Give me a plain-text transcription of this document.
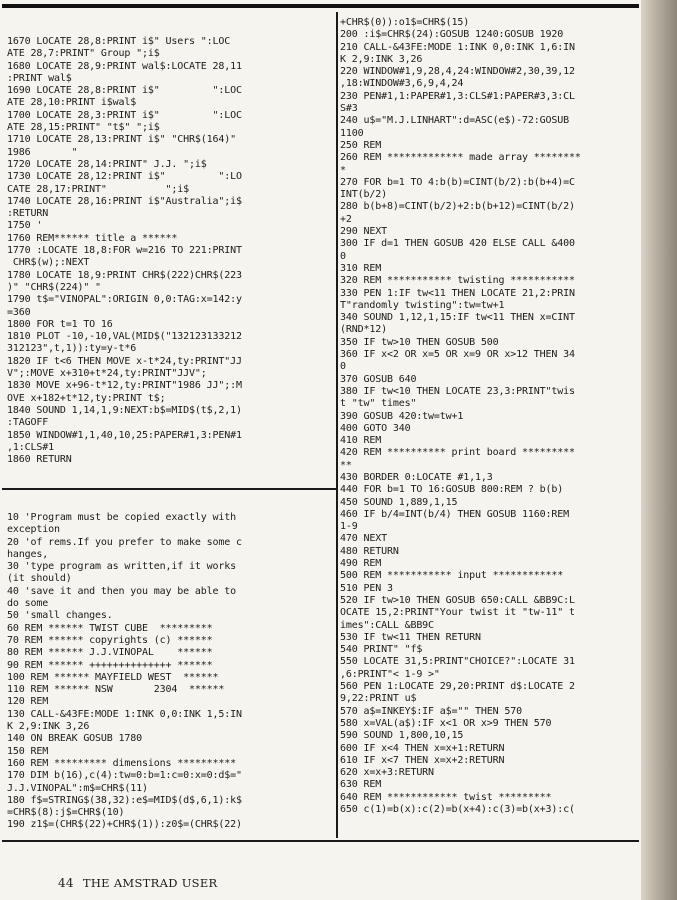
1670 LOCATE 28,8:PRINT i$" Users ":LOC
ATE 28,7:PRINT" Group ";i$
1680 LOCATE 28,9:PRINT wal$:LOCATE 28,11
:PRINT wal$
1690 LOCATE 28,8:PRINT i$"         ":LOC
ATE 28,10:PRINT i$wal$
1700 LOCATE 28,3:PRINT i$"         ":LOC
ATE 28,15:PRINT" "t$" ";i$
1710 LOCATE 28,13:PRINT i$" "CHR$(164)"
1986       "
1720 LOCATE 28,14:PRINT" J.J. ";i$
1730 LOCATE 28,12:PRINT i$"         ":LO
CATE 28,17:PRINT"          ";i$
1740 LOCATE 28,16:PRINT i$"Australia";i$
:RETURN
1750 '
1760 REM****** title a ******
1770 :LOCATE 18,8:FOR w=216 TO 221:PRINT
CHR$(w);:NEXT
1780 LOCATE 18,9:PRINT CHR$(222)CHR$(223
)" "CHR$(224)" "
1790 t$="VINOPAL":ORIGIN 0,0:TAG:x=142:y
=360
1800 FOR t=1 TO 16
1810 PLOT -10,-10,VAL(MID$("132123133212
312123",t,1)):ty=y-t*6
1820 IF t<6 THEN MOVE x-t*24,ty:PRINT"JJ
V";:MOVE x+310+t*24,ty:PRINT"JJV";
1830 MOVE x+96-t*12,ty:PRINT"1986 JJ";:M
OVE x+182+t*12,ty:PRINT t$;
1840 SOUND 1,14,1,9:NEXT:b$=MID$(t$,2,1)
:TAGOFF
1850 WINDOW#1,1,40,10,25:PAPER#1,3:PEN#1
,1:CLS#1
1860 RETURN
10 'Program must be copied exactly with
exception
20 'of rems.If you prefer to make some c
hanges,
30 'type program as written,if it works
(it should)
40 'save it and then you may be able to
do some
50 'small changes.
60 REM ****** TWIST CUBE  *********
70 REM ****** copyrights (c) ******
80 REM ****** J.J.VINOPAL    ******
90 REM ****** ++++++++++++++ ******
100 REM ****** MAYFIELD WEST  ******
110 REM ****** NSW       2304  ******
120 REM
130 CALL-&43FE:MODE 1:INK 0,0:INK 1,5:IN
K 2,9:INK 3,26
140 ON BREAK GOSUB 1780
150 REM
160 REM ********* dimensions **********
170 DIM b(16),c(4):tw=0:b=1:c=0:x=0:d$="
J.J.VINOPAL":m$=CHR$(11)
180 f$=STRING$(38,32):e$=MID$(d$,6,1):k$
=CHR$(8):j$=CHR$(10)
190 z1$=(CHR$(22)+CHR$(1)):z0$=(CHR$(22)
+CHR$(0)):o1$=CHR$(15)
200 :i$=CHR$(24):GOSUB 1240:GOSUB 1920
210 CALL-&43FE:MODE 1:INK 0,0:INK 1,6:IN
K 2,9:INK 3,26
220 WINDOW#1,9,28,4,24:WINDOW#2,30,39,12
,18:WINDOW#3,6,9,4,24
230 PEN#1,1:PAPER#1,3:CLS#1:PAPER#3,3:CL
S#3
240 u$="M.J.LINHART":d=ASC(e$)-72:GOSUB
1100
250 REM
260 REM ************* made array ********
*
270 FOR b=1 TO 4:b(b)=CINT(b/2):b(b+4)=C
INT(b/2)
280 b(b+8)=CINT(b/2)+2:b(b+12)=CINT(b/2)
+2
290 NEXT
300 IF d=1 THEN GOSUB 420 ELSE CALL &400
0
310 REM
320 REM *********** twisting ***********
330 PEN 1:IF tw<11 THEN LOCATE 21,2:PRIN
T"randomly twisting":tw=tw+1
340 SOUND 1,12,1,15:IF tw<11 THEN x=CINT
(RND*12)
350 IF tw>10 THEN GOSUB 500
360 IF x<2 OR x=5 OR x=9 OR x>12 THEN 34
0
370 GOSUB 640
380 IF tw<10 THEN LOCATE 23,3:PRINT"twis
t "tw" times"
390 GOSUB 420:tw=tw+1
400 GOTO 340
410 REM
420 REM ********** print board *********
**
430 BORDER 0:LOCATE #1,1,3
440 FOR b=1 TO 16:GOSUB 800:REM ? b(b)
450 SOUND 1,889,1,15
460 IF b/4=INT(b/4) THEN GOSUB 1160:REM
1-9
470 NEXT
480 RETURN
490 REM
500 REM *********** input ************
510 PEN 3
520 IF tw>10 THEN GOSUB 650:CALL &BB9C:L
OCATE 15,2:PRINT"Your twist it "tw-11" t
imes":CALL &BB9C
530 IF tw<11 THEN RETURN
540 PRINT" "f$
550 LOCATE 31,5:PRINT"CHOICE?":LOCATE 31
,6:PRINT"< 1-9 >"
560 PEN 1:LOCATE 29,20:PRINT d$:LOCATE 2
9,22:PRINT u$
570 a$=INKEY$:IF a$="" THEN 570
580 x=VAL(a$):IF x<1 OR x>9 THEN 570
590 SOUND 1,800,10,15
600 IF x<4 THEN x=x+1:RETURN
610 IF x<7 THEN x=x+2:RETURN
620 x=x+3:RETURN
630 REM
640 REM ************ twist *********
650 c(1)=b(x):c(2)=b(x+4):c(3)=b(x+3):c(
44 THE AMSTRAD USER
